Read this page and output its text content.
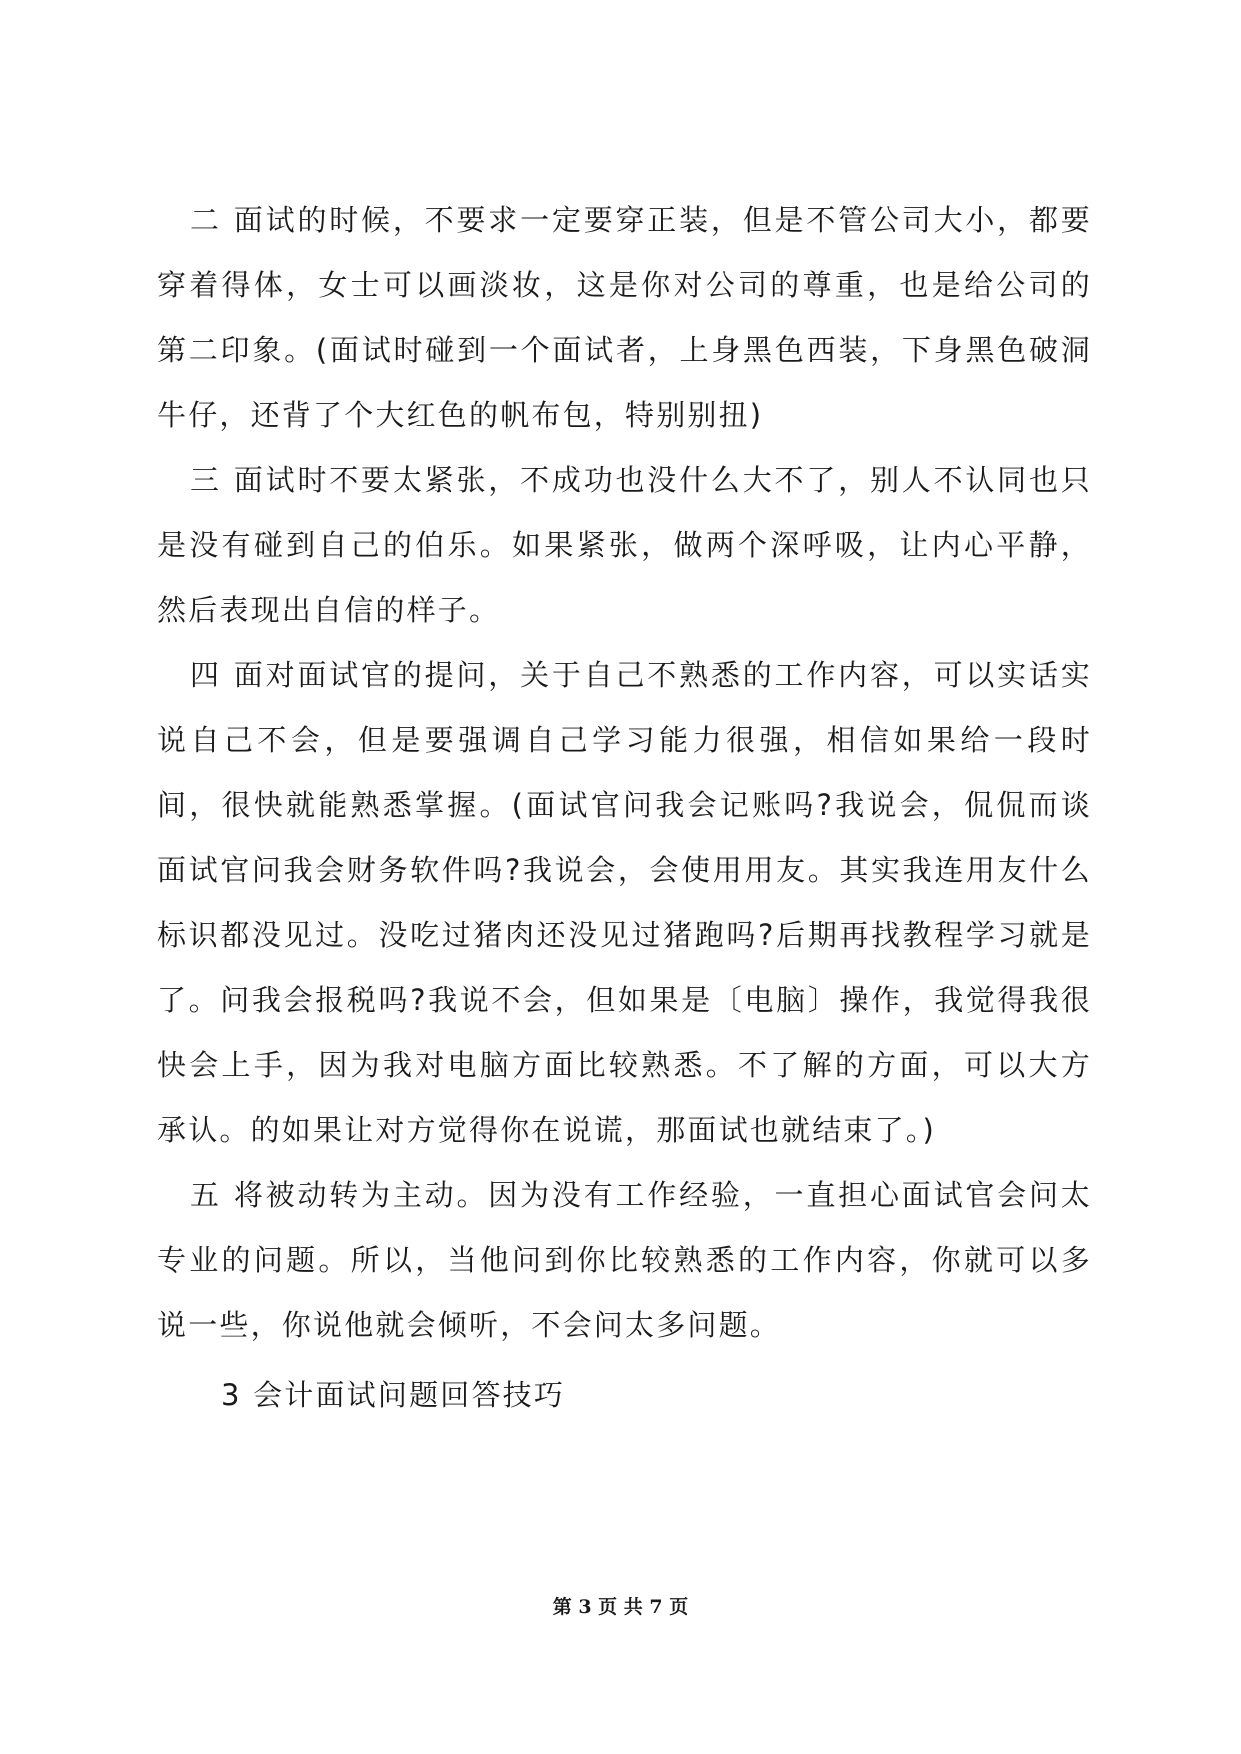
二 面试的时候，不要求一定要穿正装，但是不管公司大小，都要穿着得体，女士可以画淡妆，这是你对公司的尊重，也是给公司的第二印象。(面试时碰到一个面试者，上身黑色西装，下身黑色破洞牛仔，还背了个大红色的帆布包，特别别扭)

三 面试时不要太紧张，不成功也没什么大不了，别人不认同也只是没有碰到自己的伯乐。如果紧张，做两个深呼吸，让内心平静，然后表现出自信的样子。

四 面对面试官的提问，关于自己不熟悉的工作内容，可以实话实说自己不会，但是要强调自己学习能力很强，相信如果给一段时间，很快就能熟悉掌握。(面试官问我会记账吗?我说会，侃侃而谈面试官问我会财务软件吗?我说会，会使用用友。其实我连用友什么标识都没见过。没吃过猪肉还没见过猪跑吗?后期再找教程学习就是了。问我会报税吗?我说不会，但如果是〔电脑〕操作，我觉得我很快会上手，因为我对电脑方面比较熟悉。不了解的方面，可以大方承认。的如果让对方觉得你在说谎，那面试也就结束了。)

五 将被动转为主动。因为没有工作经验，一直担心面试官会问太专业的问题。所以，当他问到你比较熟悉的工作内容，你就可以多说一些，你说他就会倾听，不会问太多问题。

3 会计面试问题回答技巧

第 3 页 共 7 页
